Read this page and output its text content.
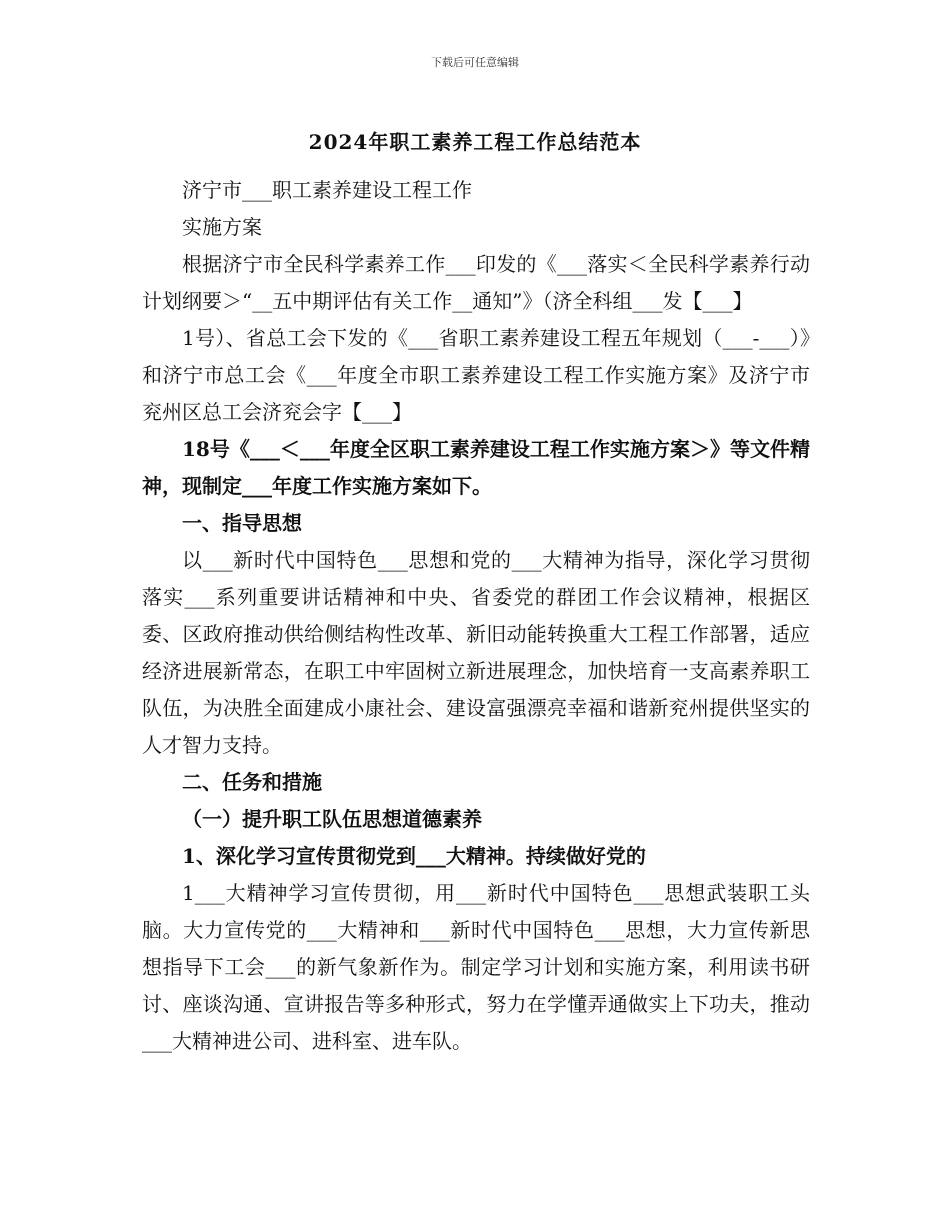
下载后可任意编辑
2024年职工素养工程工作总结范本

济宁市___职工素养建设工程工作

实施方案

根据济宁市全民科学素养工作___印发的《___落实＜全民科学素养行动计划纲要＞“__五中期评估有关工作__通知”》（济全科组___发【___】

1号）、省总工会下发的《___省职工素养建设工程五年规划（___-___）》和济宁市总工会《___年度全市职工素养建设工程工作实施方案》及济宁市兖州区总工会济兖会字【___】

18号《___＜___年度全区职工素养建设工程工作实施方案＞》等文件精神，现制定___年度工作实施方案如下。

一、指导思想

以___新时代中国特色___思想和党的___大精神为指导，深化学习贯彻落实___系列重要讲话精神和中央、省委党的群团工作会议精神，根据区委、区政府推动供给侧结构性改革、新旧动能转换重大工程工作部署，适应经济进展新常态，在职工中牢固树立新进展理念，加快培育一支高素养职工队伍，为决胜全面建成小康社会、建设富强漂亮幸福和谐新兖州提供坚实的人才智力支持。

二、任务和措施

（一）提升职工队伍思想道德素养

1、深化学习宣传贯彻党到___大精神。持续做好党的

1___大精神学习宣传贯彻，用___新时代中国特色___思想武装职工头脑。大力宣传党的___大精神和___新时代中国特色___思想，大力宣传新思想指导下工会___的新气象新作为。制定学习计划和实施方案，利用读书研讨、座谈沟通、宣讲报告等多种形式，努力在学懂弄通做实上下功夫，推动___大精神进公司、进科室、进车队。
